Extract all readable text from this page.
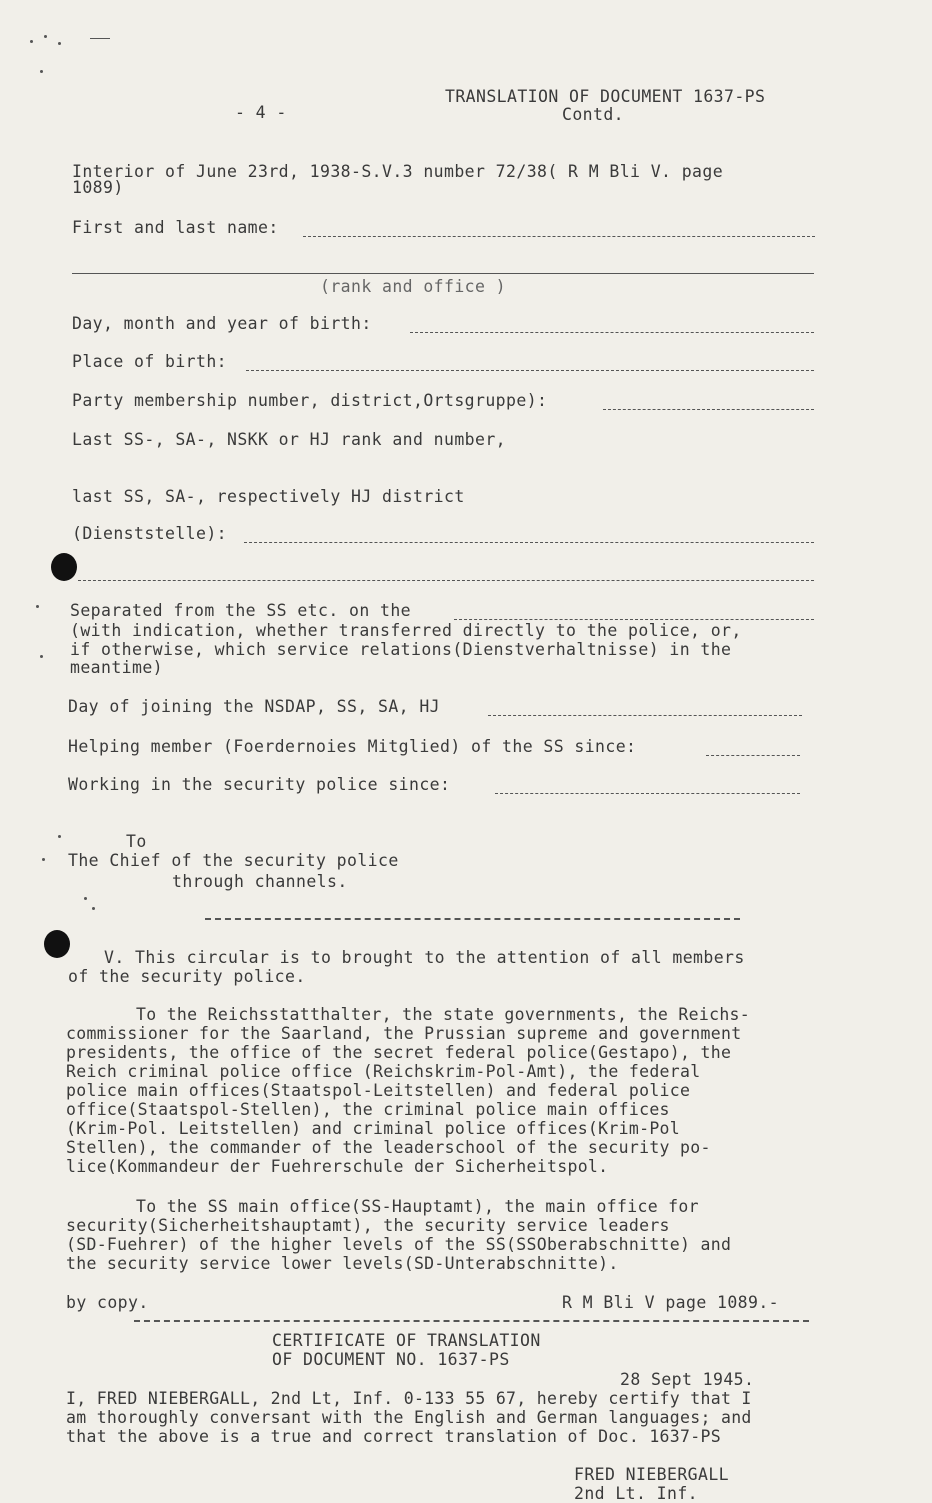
- 4 -
TRANSLATION OF DOCUMENT 1637-PS
Contd.
Interior of June 23rd, 1938-S.V.3 number 72/38( R M Bli V. page
1089)
First and last name:
(rank and office )
Day, month and year of birth:
Place of birth:
Party membership number, district,Ortsgruppe):
Last SS-, SA-, NSKK or HJ rank and number,
last SS, SA-, respectively HJ district
(Dienststelle):
Separated from the SS etc. on the
(with indication, whether transferred directly to the police, or,
if otherwise, which service relations(Dienstverhaltnisse) in the
meantime)
Day of joining the NSDAP, SS, SA, HJ
Helping member (Foerdernoies Mitglied) of the SS since:
Working in the security police since:
To
The Chief of the security police
through channels.
V. This circular is to brought to the attention of all members
of the security police.
To the Reichsstatthalter, the state governments, the Reichs-
commissioner for the Saarland, the Prussian supreme and government
presidents, the office of the secret federal police(Gestapo), the
Reich criminal police office (Reichskrim-Pol-Amt), the federal
police main offices(Staatspol-Leitstellen) and federal police
office(Staatspol-Stellen), the criminal police main offices
(Krim-Pol. Leitstellen) and criminal police offices(Krim-Pol
Stellen), the commander of the leaderschool of the security po-
lice(Kommandeur der Fuehrerschule der Sicherheitspol.
To the SS main office(SS-Hauptamt), the main office for
security(Sicherheitshauptamt), the security service leaders
(SD-Fuehrer) of the higher levels of the SS(SSOberabschnitte) and
the security service lower levels(SD-Unterabschnitte).
by copy.	R M Bli V page 1089.-
CERTIFICATE OF TRANSLATION
OF DOCUMENT NO. 1637-PS
28 Sept 1945.
I, FRED NIEBERGALL, 2nd Lt, Inf. 0-133 55 67, hereby certify that I
am thoroughly conversant with the English and German languages; and
that the above is a true and correct translation of Doc. 1637-PS
FRED NIEBERGALL
2nd Lt. Inf.
